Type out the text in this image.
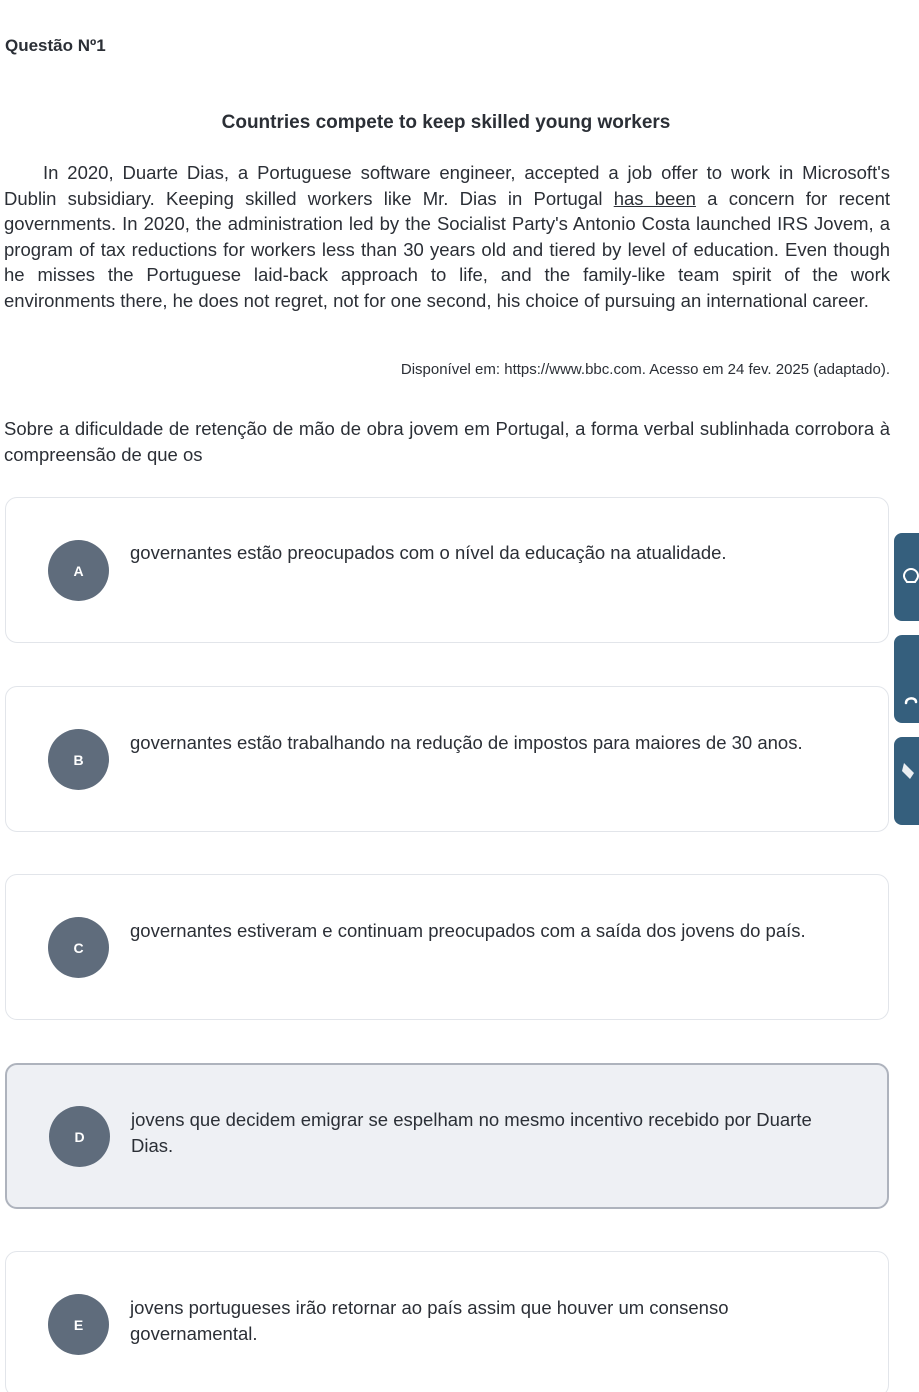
Questão Nº1
Countries compete to keep skilled young workers

In 2020, Duarte Dias, a Portuguese software engineer, accepted a job offer to work in Microsoft's Dublin subsidiary. Keeping skilled workers like Mr. Dias in Portugal has been a concern for recent governments. In 2020, the administration led by the Socialist Party's Antonio Costa launched IRS Jovem, a program of tax reductions for workers less than 30 years old and tiered by level of education. Even though he misses the Portuguese laid-back approach to life, and the family-like team spirit of the work environments there, he does not regret, not for one second, his choice of pursuing an international career.

Disponível em: https://www.bbc.com. Acesso em 24 fev. 2025 (adaptado).
Sobre a dificuldade de retenção de mão de obra jovem em Portugal, a forma verbal sublinhada corrobora à compreensão de que os
A
governantes estão preocupados com o nível da educação na atualidade.
B
governantes estão trabalhando na redução de impostos para maiores de 30 anos.
C
governantes estiveram e continuam preocupados com a saída dos jovens do país.
D
jovens que decidem emigrar se espelham no mesmo incentivo recebido por Duarte Dias.
E
jovens portugueses irão retornar ao país assim que houver um consenso governamental.
